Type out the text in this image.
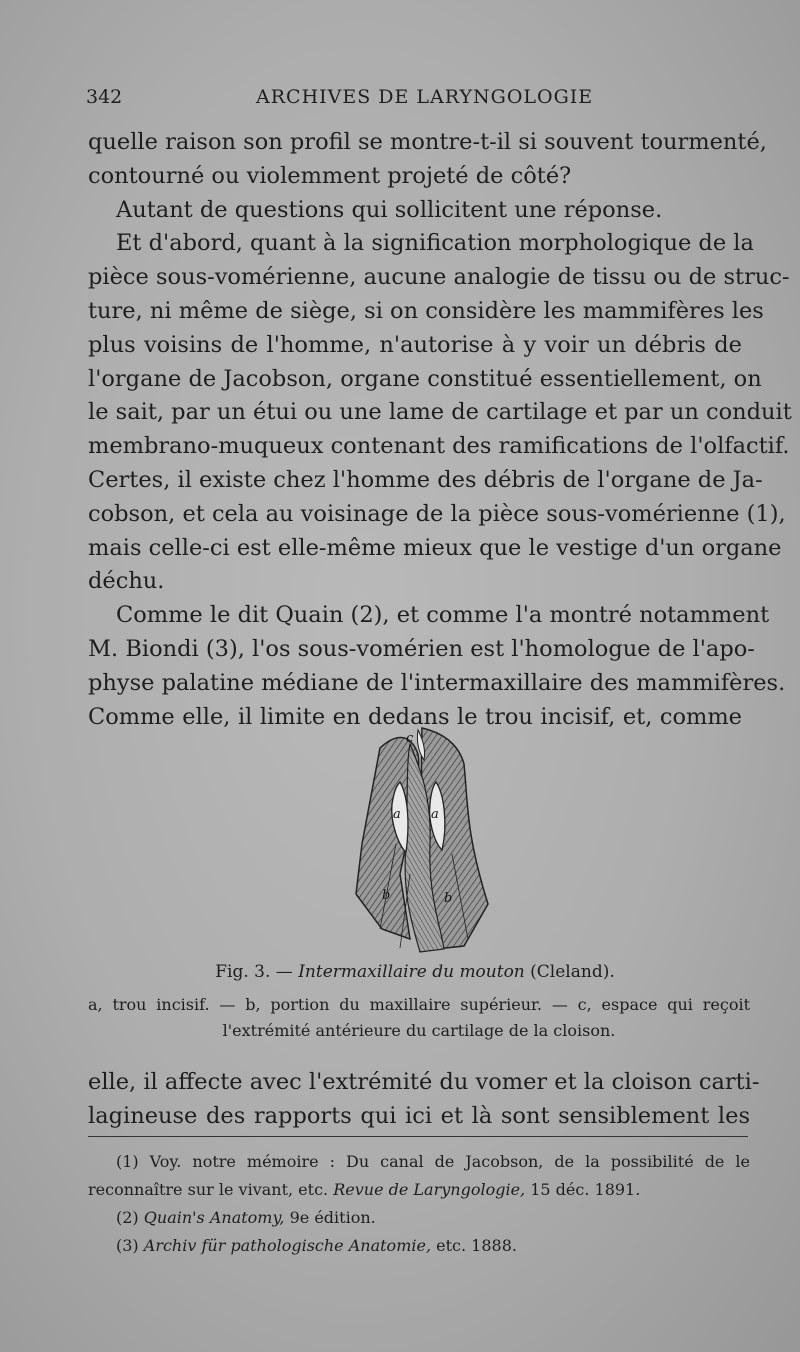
342	ARCHIVES DE LARYNGOLOGIE
quelle raison son profil se montre-t-il si souvent tourmenté,
contourné ou violemment projeté de côté?
Autant de questions qui sollicitent une réponse.
Et d'abord, quant à la signification morphologique de la
pièce sous-vomérienne, aucune analogie de tissu ou de struc-
ture, ni même de siège, si on considère les mammifères les
plus voisins de l'homme, n'autorise à y voir un débris de
l'organe de Jacobson, organe constitué essentiellement, on
le sait, par un étui ou une lame de cartilage et par un conduit
membrano-muqueux contenant des ramifications de l'olfactif.
Certes, il existe chez l'homme des débris de l'organe de Ja-
cobson, et cela au voisinage de la pièce sous-vomérienne (1),
mais celle-ci est elle-même mieux que le vestige d'un organe
déchu.
Comme le dit Quain (2), et comme l'a montré notamment
M. Biondi (3), l'os sous-vomérien est l'homologue de l'apo-
physe palatine médiane de l'intermaxillaire des mammifères.
Comme elle, il limite en dedans le trou incisif, et, comme
c
a a
b	b
Fig. 3. — Intermaxillaire du mouton (Cleland).
a, trou incisif. — b, portion du maxillaire supérieur. — c, espace qui reçoit
l'extrémité antérieure du cartilage de la cloison.
elle, il affecte avec l'extrémité du vomer et la cloison carti-
lagineuse des rapports qui ici et là sont sensiblement les
(1) Voy. notre mémoire : Du canal de Jacobson, de la possibilité de le
reconnaître sur le vivant, etc. Revue de Laryngologie, 15 déc. 1891.
(2) Quain's Anatomy, 9e édition.
(3) Archiv für pathologische Anatomie, etc. 1888.
